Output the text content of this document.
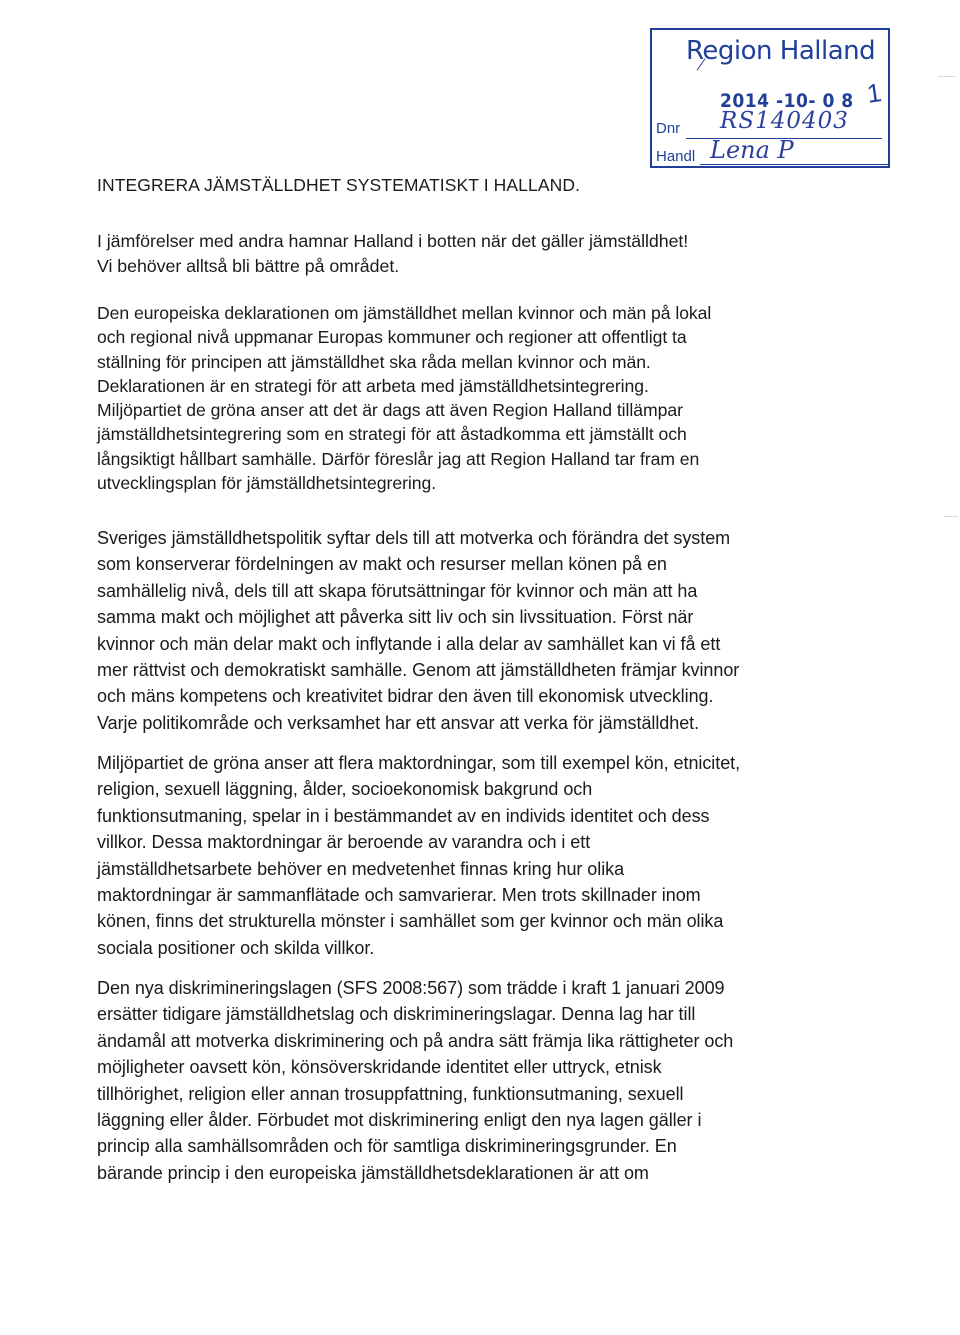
Region Halland
2014 -10- 0 8 1
Dnr RS140403
Handl Lena P
INTEGRERA JÄMSTÄLLDHET SYSTEMATISKT I HALLAND.

I jämförelser med andra hamnar Halland i botten när det gäller jämställdhet!
Vi behöver alltså bli bättre på området.

Den europeiska deklarationen om jämställdhet mellan kvinnor och män på lokal
och regional nivå uppmanar Europas kommuner och regioner att offentligt ta
ställning för principen att jämställdhet ska råda mellan kvinnor och män.
Deklarationen är en strategi för att arbeta med jämställdhetsintegrering.
Miljöpartiet de gröna anser att det är dags att även Region Halland tillämpar
jämställdhetsintegrering som en strategi för att åstadkomma ett jämställt och
långsiktigt hållbart samhälle. Därför föreslår jag att Region Halland tar fram en
utvecklingsplan för jämställdhetsintegrering.

Sveriges jämställdhetspolitik syftar dels till att motverka och förändra det system
som konserverar fördelningen av makt och resurser mellan könen på en
samhällelig nivå, dels till att skapa förutsättningar för kvinnor och män att ha
samma makt och möjlighet att påverka sitt liv och sin livssituation. Först när
kvinnor och män delar makt och inflytande i alla delar av samhället kan vi få ett
mer rättvist och demokratiskt samhälle. Genom att jämställdheten främjar kvinnor
och mäns kompetens och kreativitet bidrar den även till ekonomisk utveckling.
Varje politikområde och verksamhet har ett ansvar att verka för jämställdhet.

Miljöpartiet de gröna anser att flera maktordningar, som till exempel kön, etnicitet,
religion, sexuell läggning, ålder, socioekonomisk bakgrund och
funktionsutmaning, spelar in i bestämmandet av en individs identitet och dess
villkor. Dessa maktordningar är beroende av varandra och i ett
jämställdhetsarbete behöver en medvetenhet finnas kring hur olika
maktordningar är sammanflätade och samvarierar. Men trots skillnader inom
könen, finns det strukturella mönster i samhället som ger kvinnor och män olika
sociala positioner och skilda villkor.

Den nya diskrimineringslagen (SFS 2008:567) som trädde i kraft 1 januari 2009
ersätter tidigare jämställdhetslag och diskrimineringslagar. Denna lag har till
ändamål att motverka diskriminering och på andra sätt främja lika rättigheter och
möjligheter oavsett kön, könsöverskridande identitet eller uttryck, etnisk
tillhörighet, religion eller annan trosuppfattning, funktionsutmaning, sexuell
läggning eller ålder. Förbudet mot diskriminering enligt den nya lagen gäller i
princip alla samhällsområden och för samtliga diskrimineringsgrunder. En
bärande princip i den europeiska jämställdhetsdeklarationen är att om
